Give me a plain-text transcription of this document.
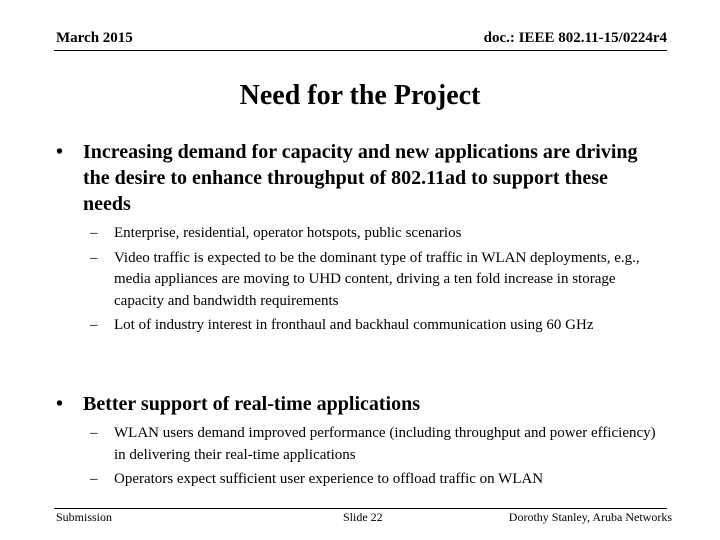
March 2015	doc.: IEEE 802.11-15/0224r4
Need for the Project
• Increasing demand for capacity and new applications are driving the desire to enhance throughput of 802.11ad to support these needs
–	Enterprise, residential, operator hotspots, public scenarios
–	Video traffic is expected to be the dominant type of traffic in WLAN deployments, e.g., media appliances are moving to UHD content, driving a ten fold increase in storage capacity and bandwidth requirements
–	Lot of industry interest in fronthaul and backhaul communication using 60 GHz
• Better support of real-time applications
–	WLAN users demand improved performance (including throughput and power efficiency) in delivering their real-time applications
–	Operators expect sufficient user experience to offload traffic on WLAN
Submission	Slide 22	Dorothy Stanley, Aruba Networks
